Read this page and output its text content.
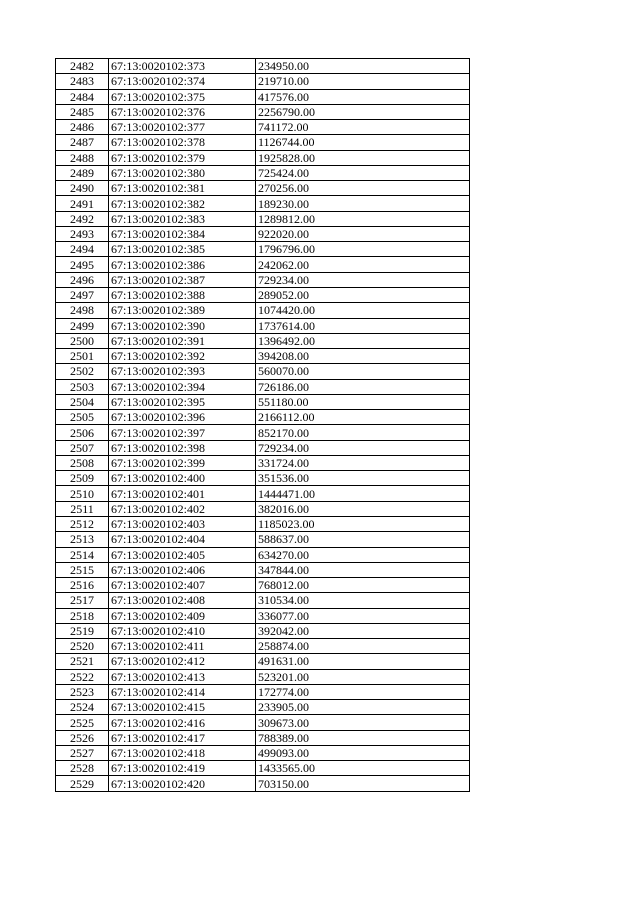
2482	67:13:0020102:373	234950.00
2483	67:13:0020102:374	219710.00
2484	67:13:0020102:375	417576.00
2485	67:13:0020102:376	2256790.00
2486	67:13:0020102:377	741172.00
2487	67:13:0020102:378	1126744.00
2488	67:13:0020102:379	1925828.00
2489	67:13:0020102:380	725424.00
2490	67:13:0020102:381	270256.00
2491	67:13:0020102:382	189230.00
2492	67:13:0020102:383	1289812.00
2493	67:13:0020102:384	922020.00
2494	67:13:0020102:385	1796796.00
2495	67:13:0020102:386	242062.00
2496	67:13:0020102:387	729234.00
2497	67:13:0020102:388	289052.00
2498	67:13:0020102:389	1074420.00
2499	67:13:0020102:390	1737614.00
2500	67:13:0020102:391	1396492.00
2501	67:13:0020102:392	394208.00
2502	67:13:0020102:393	560070.00
2503	67:13:0020102:394	726186.00
2504	67:13:0020102:395	551180.00
2505	67:13:0020102:396	2166112.00
2506	67:13:0020102:397	852170.00
2507	67:13:0020102:398	729234.00
2508	67:13:0020102:399	331724.00
2509	67:13:0020102:400	351536.00
2510	67:13:0020102:401	1444471.00
2511	67:13:0020102:402	382016.00
2512	67:13:0020102:403	1185023.00
2513	67:13:0020102:404	588637.00
2514	67:13:0020102:405	634270.00
2515	67:13:0020102:406	347844.00
2516	67:13:0020102:407	768012.00
2517	67:13:0020102:408	310534.00
2518	67:13:0020102:409	336077.00
2519	67:13:0020102:410	392042.00
2520	67:13:0020102:411	258874.00
2521	67:13:0020102:412	491631.00
2522	67:13:0020102:413	523201.00
2523	67:13:0020102:414	172774.00
2524	67:13:0020102:415	233905.00
2525	67:13:0020102:416	309673.00
2526	67:13:0020102:417	788389.00
2527	67:13:0020102:418	499093.00
2528	67:13:0020102:419	1433565.00
2529	67:13:0020102:420	703150.00
